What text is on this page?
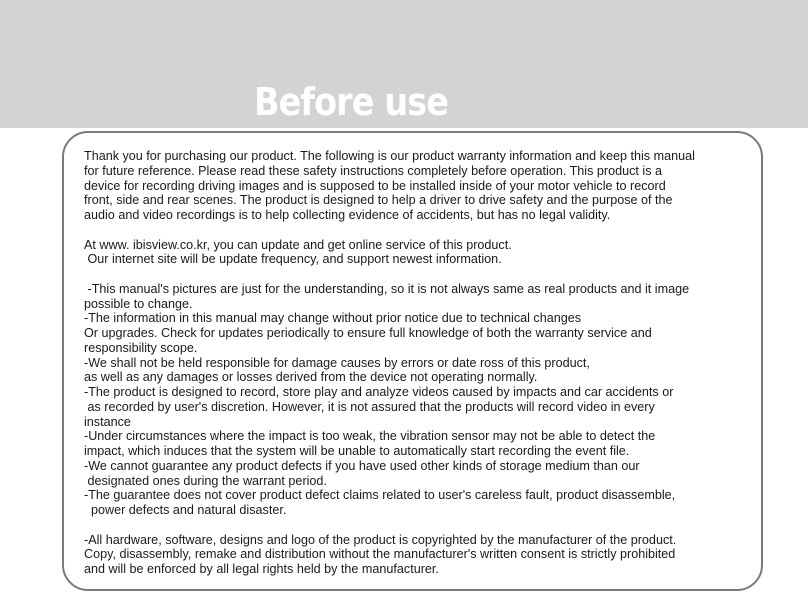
Before use
Thank you for purchasing our product. The following is our product warranty information and keep this manual
for future reference. Please read these safety instructions completely before operation. This product is a
device for recording driving images and is supposed to be installed inside of your motor vehicle to record
front, side and rear scenes. The product is designed to help a driver to drive safety and the purpose of the
audio and video recordings is to help collecting evidence of accidents, but has no legal validity.
At www. ibisview.co.kr, you can update and get online service of this product.
Our internet site will be update frequency, and support newest information.
-This manual's pictures are just for the understanding, so it is not always same as real products and it image
possible to change.
-The information in this manual may change without prior notice due to technical changes
Or upgrades. Check for updates periodically to ensure full knowledge of both the warranty service and
responsibility scope.
-We shall not be held responsible for damage causes by errors or date ross of this product,
as well as any damages or losses derived from the device not operating normally.
-The product is designed to record, store play and analyze videos caused by impacts and car accidents or
as recorded by user's discretion. However, it is not assured that the products will record video in every
instance
-Under circumstances where the impact is too weak, the vibration sensor may not be able to detect the
impact, which induces that the system will be unable to automatically start recording the event file.
-We cannot guarantee any product defects if you have used other kinds of storage medium than our
designated ones during the warrant period.
-The guarantee does not cover product defect claims related to user's careless fault, product disassemble,
power defects and natural disaster.
-All hardware, software, designs and logo of the product is copyrighted by the manufacturer of the product.
Copy, disassembly, remake and distribution without the manufacturer's written consent is strictly prohibited
and will be enforced by all legal rights held by the manufacturer.
